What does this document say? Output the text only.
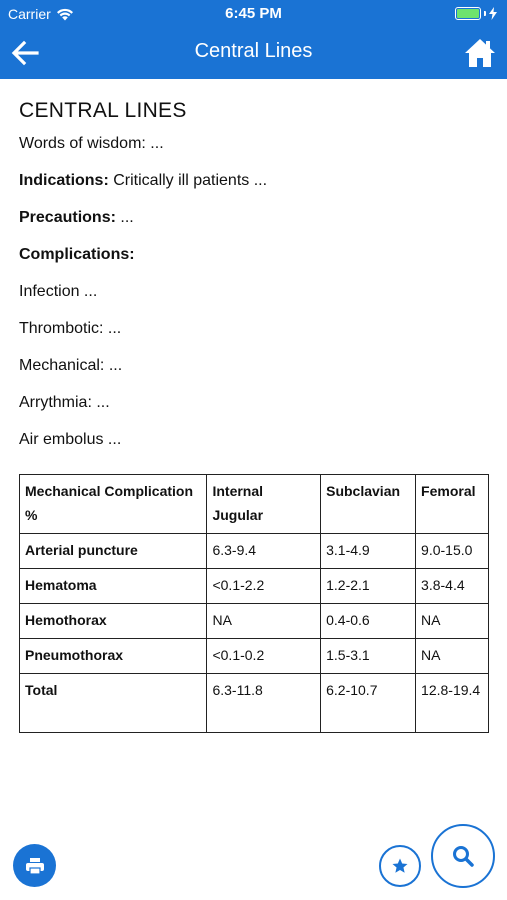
Carrier	6:45 PM
Central Lines
CENTRAL LINES
Words of wisdom: ...
Indications: Critically ill patients ...
Precautions: ...
Complications:
Infection ...
Thrombotic: ...
Mechanical: ...
Arrythmia: ...
Air embolus ...
Mechanical Complication %	Internal Jugular	Subclavian	Femoral
Arterial puncture	6.3-9.4	3.1-4.9	9.0-15.0
Hematoma	<0.1-2.2	1.2-2.1	3.8-4.4
Hemothorax	NA	0.4-0.6	NA
Pneumothorax	<0.1-0.2	1.5-3.1	NA
Total	6.3-11.8	6.2-10.7	12.8-19.4
